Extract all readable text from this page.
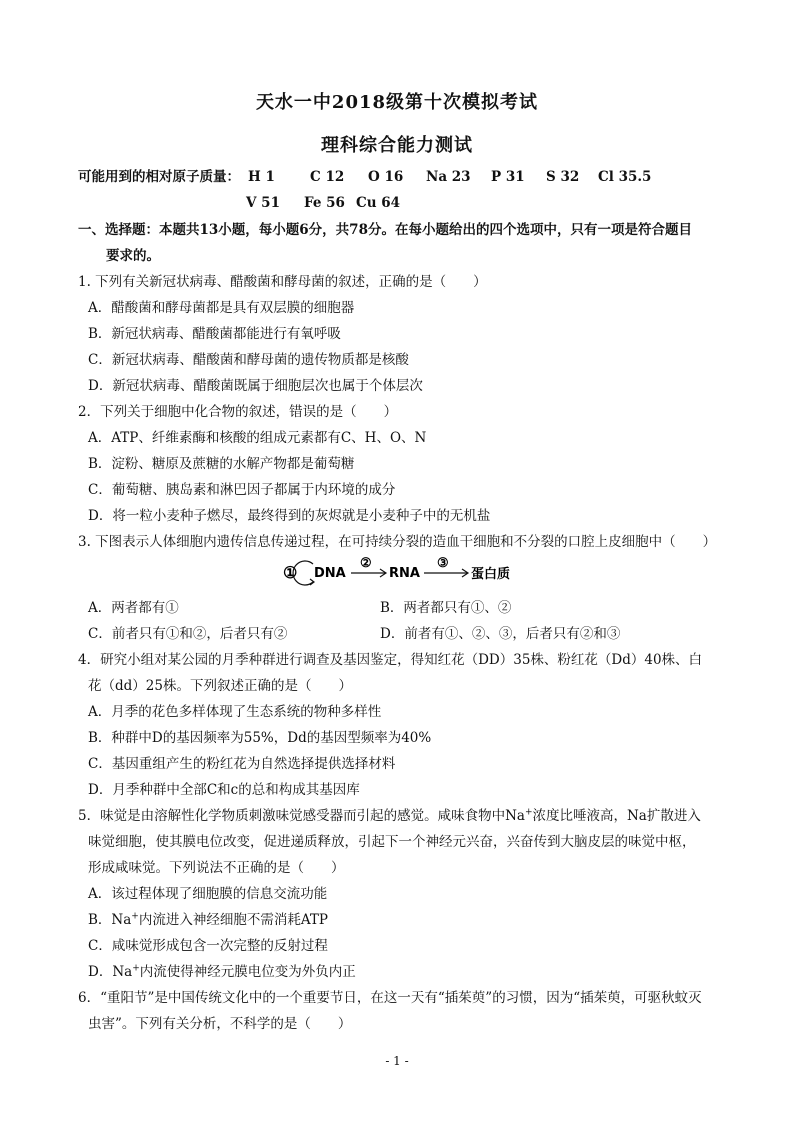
天水一中2018级第十次模拟考试
理科综合能力测试
可能用到的相对原子质量： H 1	C 12	O 16	Na 23	P 31	S 32	Cl 35.5
V 51	Fe 56 Cu 64
一、选择题：本题共13小题，每小题6分，共78分。在每小题给出的四个选项中，只有一项是符合题目
要求的。
1. 下列有关新冠状病毒、醋酸菌和酵母菌的叙述，正确的是（　　）
A．醋酸菌和酵母菌都是具有双层膜的细胞器
B．新冠状病毒、醋酸菌都能进行有氧呼吸
C．新冠状病毒、醋酸菌和酵母菌的遗传物质都是核酸
D．新冠状病毒、醋酸菌既属于细胞层次也属于个体层次
2．下列关于细胞中化合物的叙述，错误的是（　　）
A．ATP、纤维素酶和核酸的组成元素都有C、H、O、N
B．淀粉、糖原及蔗糖的水解产物都是葡萄糖
C．葡萄糖、胰岛素和淋巴因子都属于内环境的成分
D．将一粒小麦种子燃尽，最终得到的灰烬就是小麦种子中的无机盐
3. 下图表示人体细胞内遗传信息传递过程，在可持续分裂的造血干细胞和不分裂的口腔上皮细胞中（　　）
① DNA
②
RNA
③
蛋白质
A．两者都有①	B．两者都只有①、②
C．前者只有①和②，后者只有②	D．前者有①、②、③，后者只有②和③
4．研究小组对某公园的月季种群进行调查及基因鉴定，得知红花（DD）35株、粉红花（Dd）40株、白
花（dd）25株。下列叙述正确的是（　　）
A．月季的花色多样体现了生态系统的物种多样性
B．种群中D的基因频率为55%，Dd的基因型频率为40%
C．基因重组产生的粉红花为自然选择提供选择材料
D．月季种群中全部C和c的总和构成其基因库
5．味觉是由溶解性化学物质刺激味觉感受器而引起的感觉。咸味食物中Na+浓度比唾液高，Na扩散进入
味觉细胞，使其膜电位改变，促进递质释放，引起下一个神经元兴奋，兴奋传到大脑皮层的味觉中枢，
形成咸味觉。下列说法不正确的是（　　）
A．该过程体现了细胞膜的信息交流功能
B．Na+内流进入神经细胞不需消耗ATP
C．咸味觉形成包含一次完整的反射过程
D．Na+内流使得神经元膜电位变为外负内正
6．“重阳节”是中国传统文化中的一个重要节日，在这一天有“插茱萸”的习惯，因为“插茱萸，可驱秋蚊灭
虫害”。下列有关分析，不科学的是（　　）
- 1 -
